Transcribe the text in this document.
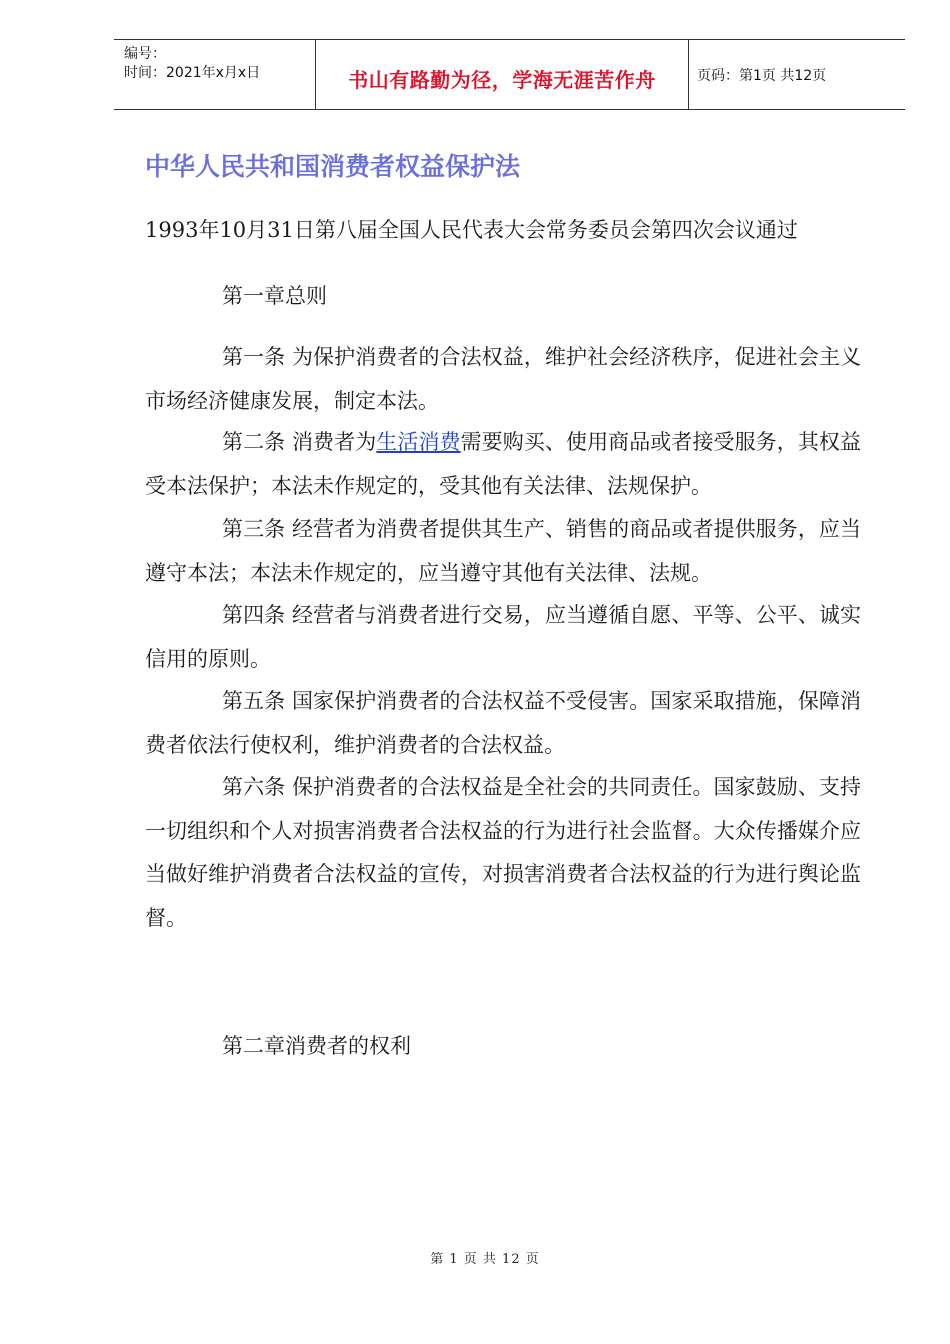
编号：
时间：2021年x月x日	书山有路勤为径，学海无涯苦作舟	页码：第1页 共12页
中华人民共和国消费者权益保护法
1993年10月31日第八届全国人民代表大会常务委员会第四次会议通过
第一章总则

第一条 为保护消费者的合法权益，维护社会经济秩序，促进社会主义市场经济健康发展，制定本法。

第二条 消费者为生活消费需要购买、使用商品或者接受服务，其权益受本法保护；本法未作规定的，受其他有关法律、法规保护。

第三条 经营者为消费者提供其生产、销售的商品或者提供服务，应当遵守本法；本法未作规定的，应当遵守其他有关法律、法规。

第四条 经营者与消费者进行交易，应当遵循自愿、平等、公平、诚实信用的原则。

第五条 国家保护消费者的合法权益不受侵害。国家采取措施，保障消费者依法行使权利，维护消费者的合法权益。

第六条 保护消费者的合法权益是全社会的共同责任。国家鼓励、支持一切组织和个人对损害消费者合法权益的行为进行社会监督。大众传播媒介应当做好维护消费者合法权益的宣传，对损害消费者合法权益的行为进行舆论监督。

第二章消费者的权利
第 1 页 共 12 页
